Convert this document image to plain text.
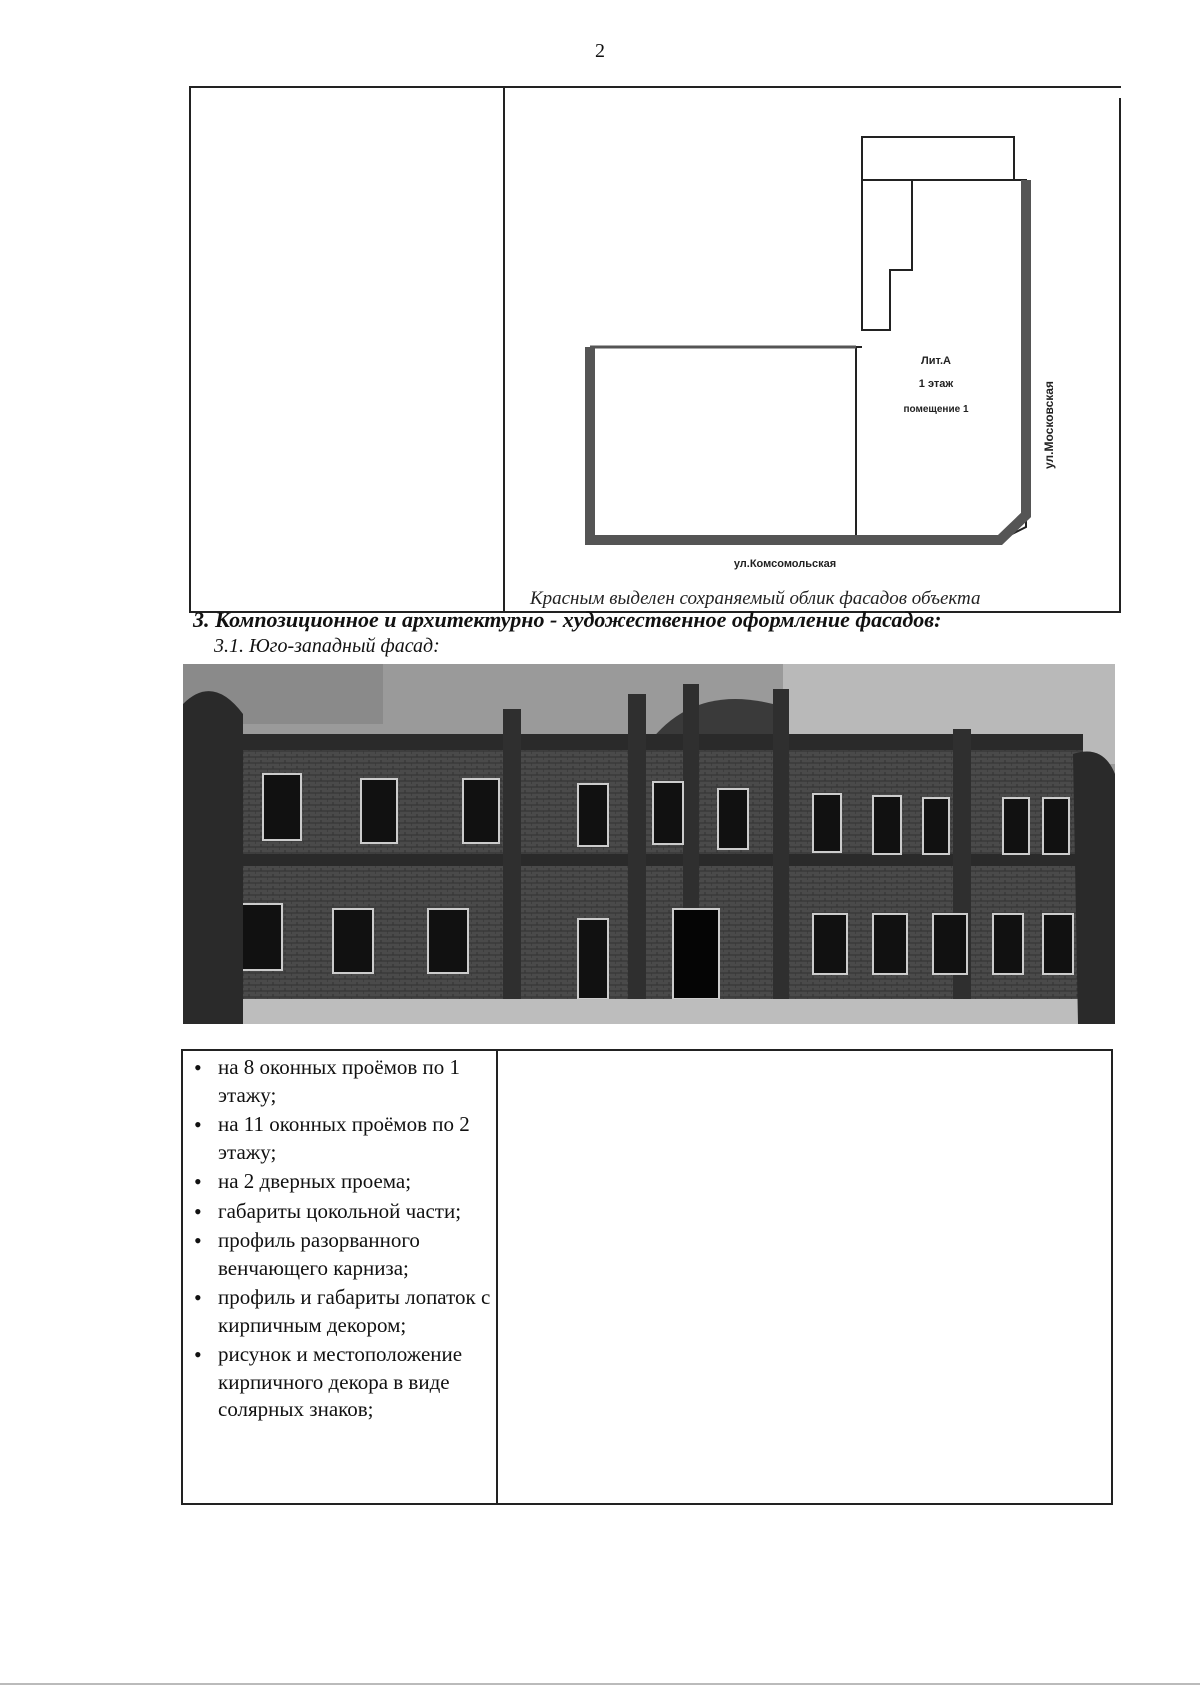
2
Лит.А
1 этаж
помещение 1	ул.Московская
ул.Комсомольская
Красным выделен сохраняемый облик фасадов объекта
3. Композиционное и архитектурно - художественное оформление фасадов:
3.1. Юго-западный фасад:
• на 8 оконных проёмов по 1 этажу;
• на 11 оконных проёмов по 2 этажу;
• на 2 дверных проема;
• габариты цокольной части;
• профиль разорванного венчающего карниза;
• профиль и габариты лопаток с кирпичным декором;
• рисунок и местоположение кирпичного декора в виде солярных знаков;
